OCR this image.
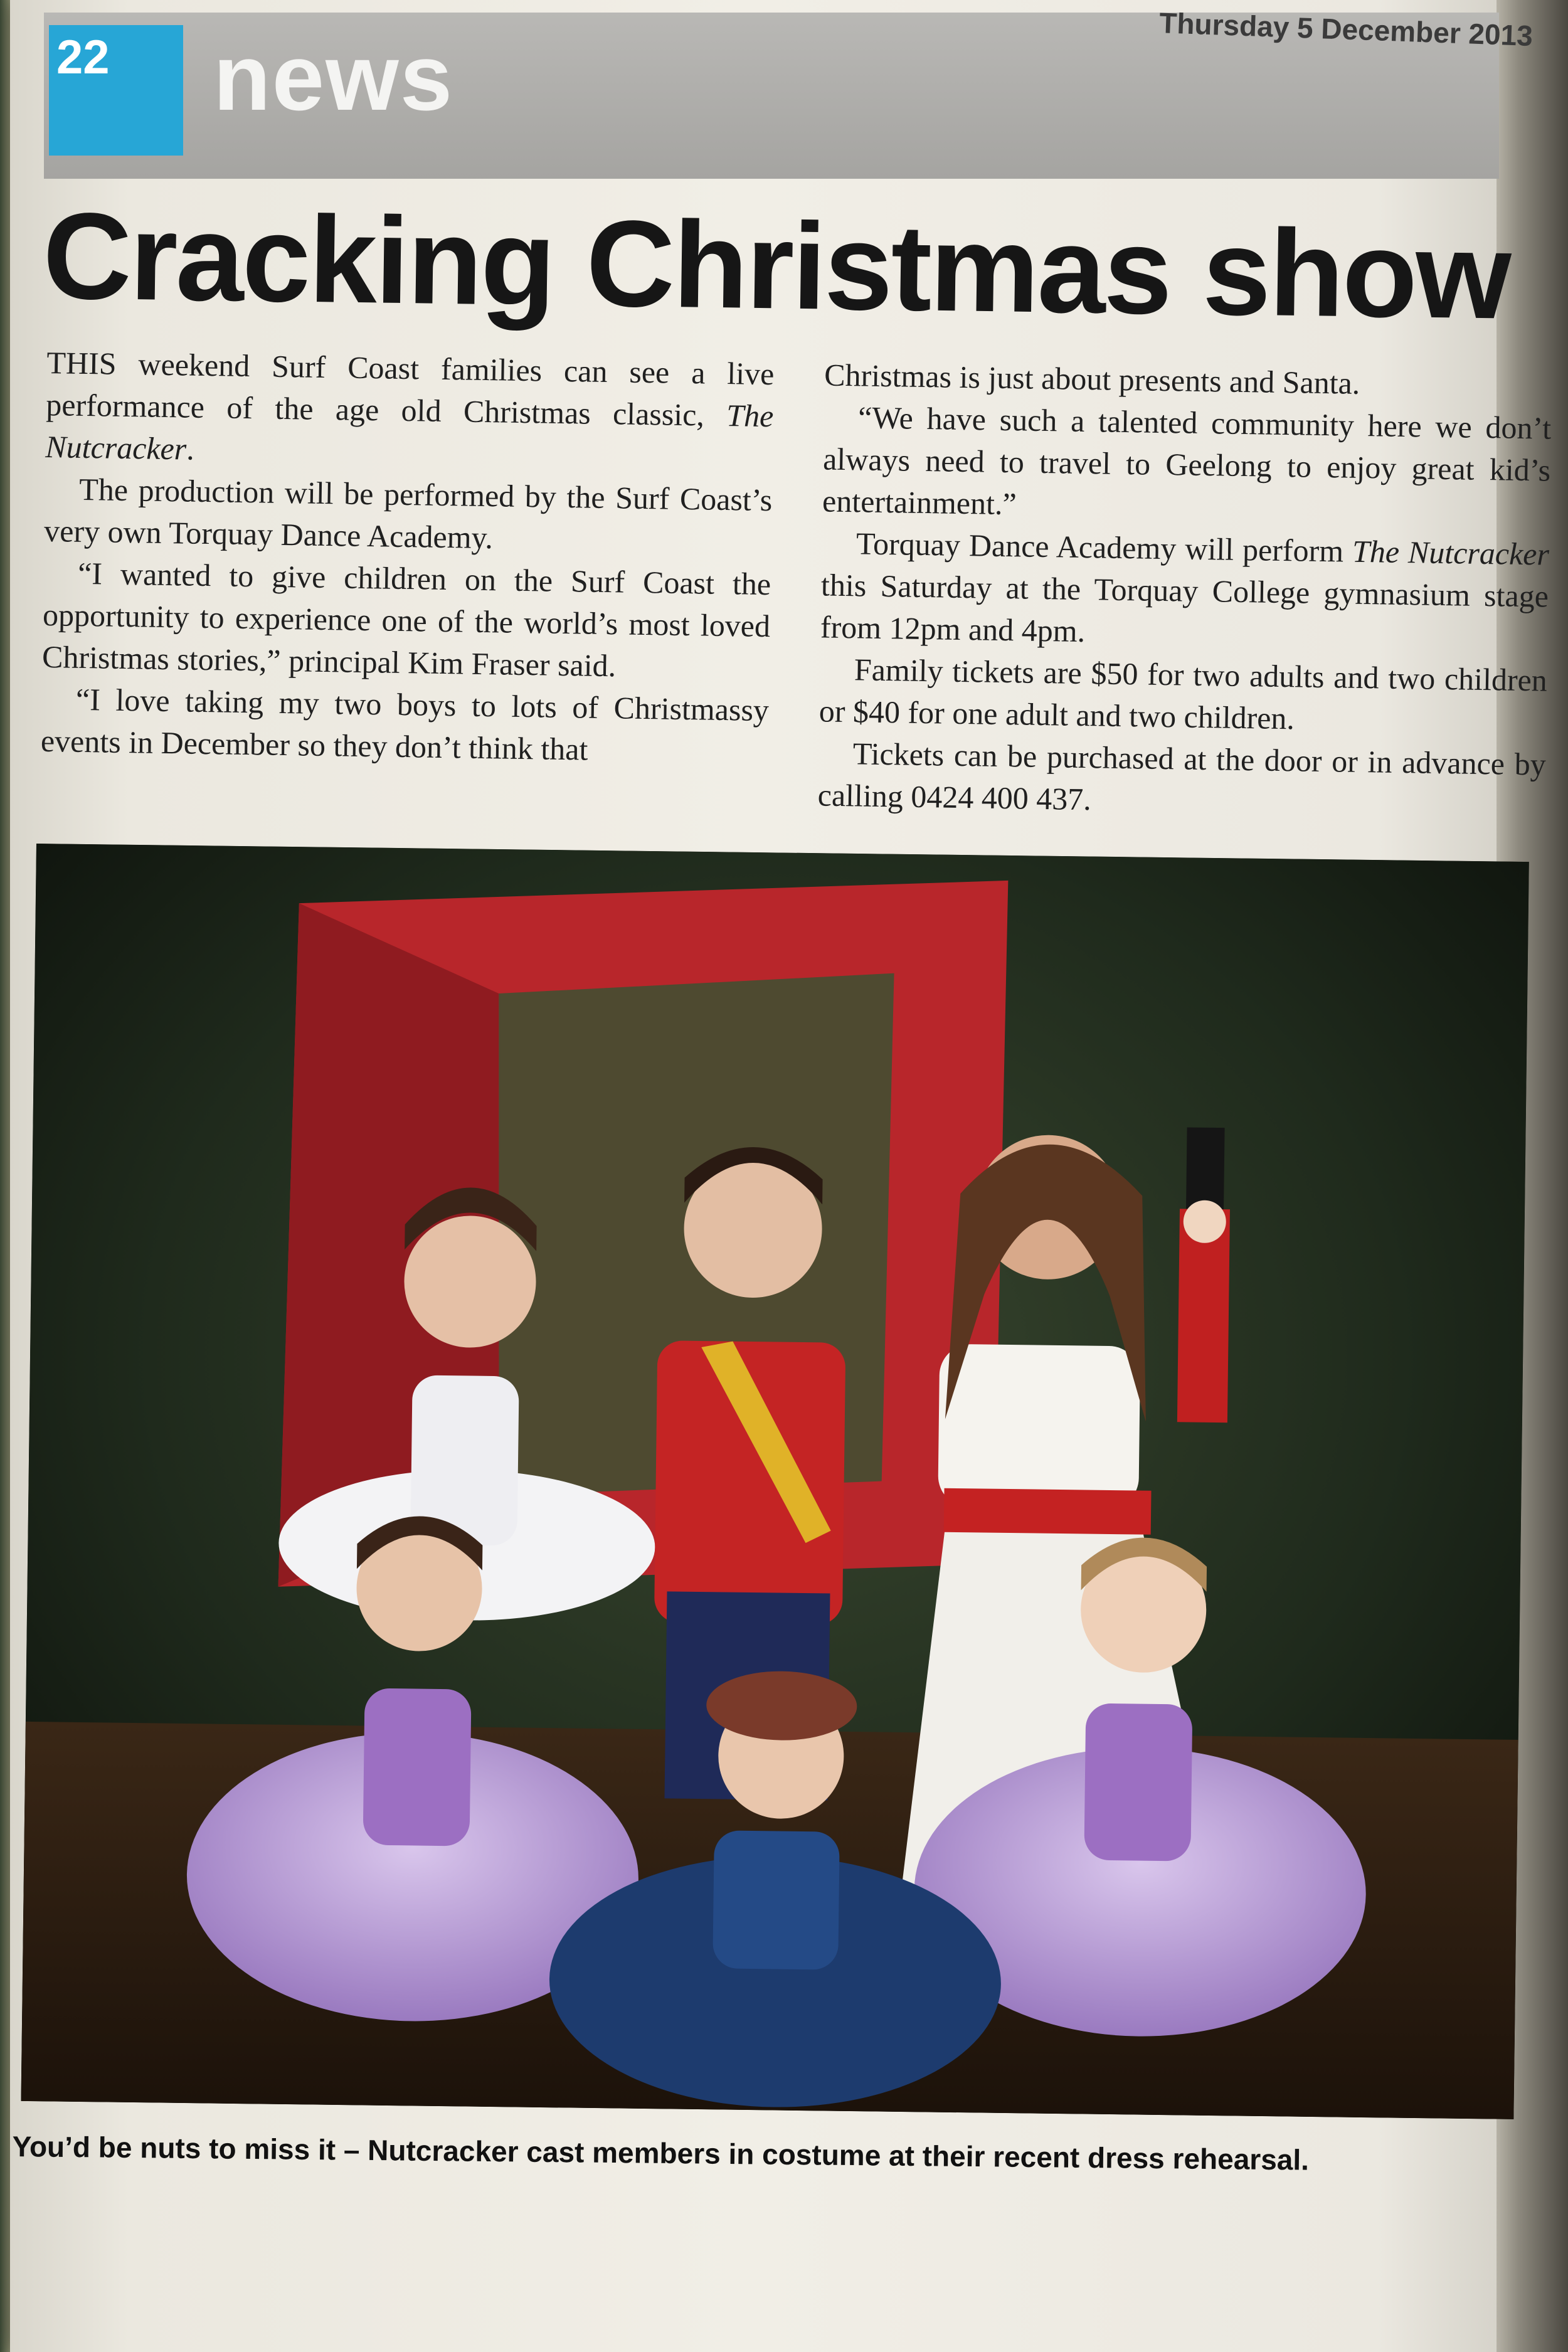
22	news	Thursday 5 December 2013
Cracking Christmas show

THIS weekend Surf Coast families can see a live performance of the age old Christmas classic, The Nutcracker.

The production will be performed by the Surf Coast’s very own Torquay Dance Academy.

“I wanted to give children on the Surf Coast the opportunity to experience one of the world’s most loved Christmas stories,” principal Kim Fraser said.

“I love taking my two boys to lots of Christmassy events in December so they don’t think that

Christmas is just about presents and Santa.

“We have such a talented community here we don’t always need to travel to Geelong to enjoy great kid’s entertainment.”

Torquay Dance Academy will perform The Nutcracker this Saturday at the Torquay College gymnasium stage from 12pm and 4pm.

Family tickets are $50 for two adults and two children or $40 for one adult and two children.

Tickets can be purchased at the door or in advance by calling 0424 400 437.

You’d be nuts to miss it – Nutcracker cast members in costume at their recent dress rehearsal.
